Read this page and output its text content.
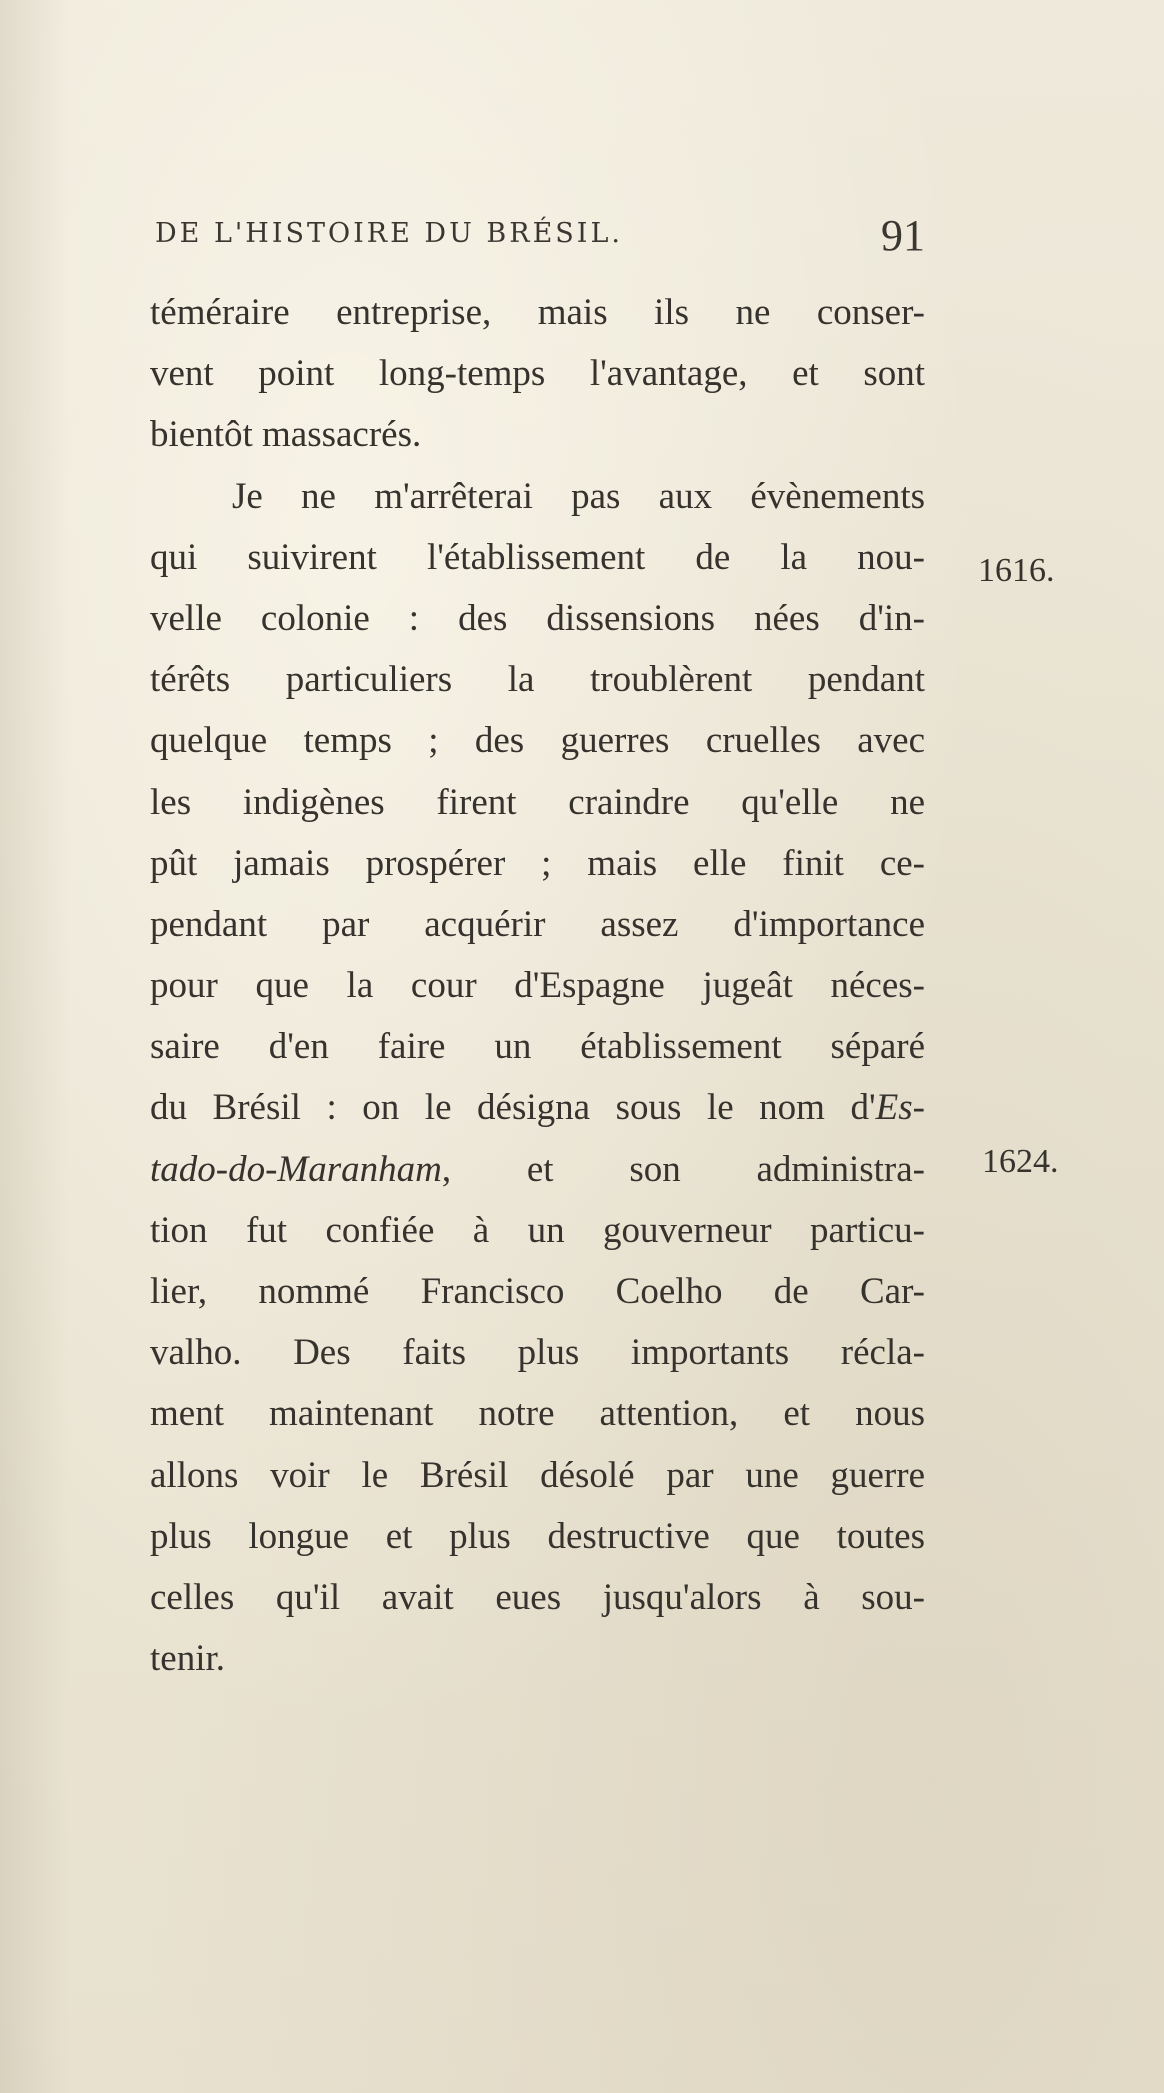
DE L'HISTOIRE DU BRÉSIL.	91
téméraire entreprise, mais ils ne conser-
vent point long-temps l'avantage, et sont
bientôt massacrés.
Je ne m'arrêterai pas aux évènements
qui suivirent l'établissement de la nou-
velle colonie : des dissensions nées d'in-
térêts particuliers la troublèrent pendant
quelque temps ; des guerres cruelles avec
les indigènes firent craindre qu'elle ne
pût jamais prospérer ; mais elle finit ce-
pendant par acquérir assez d'importance
pour que la cour d'Espagne jugeât néces-
saire d'en faire un établissement séparé
du Brésil : on le désigna sous le nom d'Es-
tado-do-Maranham, et son administra-
tion fut confiée à un gouverneur particu-
lier, nommé Francisco Coelho de Car-
valho. Des faits plus importants récla-
ment maintenant notre attention, et nous
allons voir le Brésil désolé par une guerre
plus longue et plus destructive que toutes
celles qu'il avait eues jusqu'alors à sou-
tenir.
1616.
1624.
